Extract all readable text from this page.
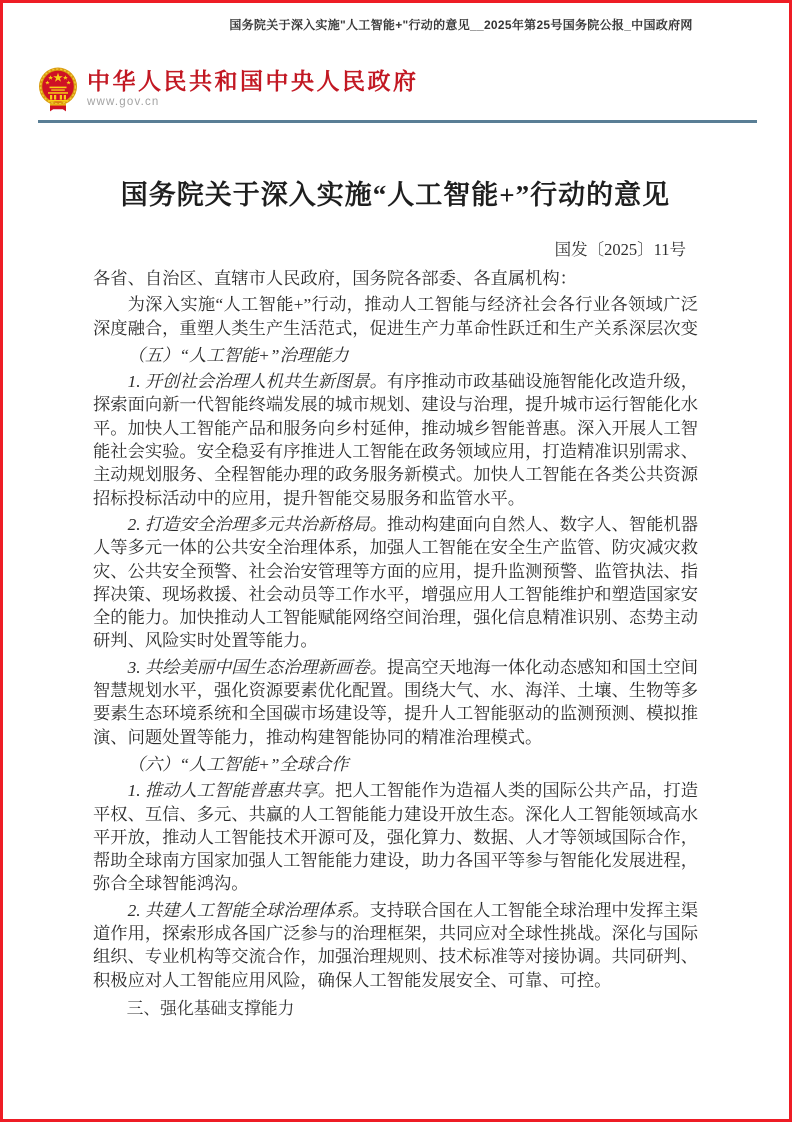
国务院关于深入实施"人工智能+"行动的意见__2025年第25号国务院公报_中国政府网
中华人民共和国中央人民政府
www.gov.cn
国务院关于深入实施“人工智能+”行动的意见
国发〔2025〕11号

各省、自治区、直辖市人民政府，国务院各部委、各直属机构：

为深入实施“人工智能+”行动，推动人工智能与经济社会各行业各领域广泛深度融合，重塑人类生产生活范式，促进生产力革命性跃迁和生产关系深层次变

（五）“人工智能+”治理能力

1. 开创社会治理人机共生新图景。有序推动市政基础设施智能化改造升级，探索面向新一代智能终端发展的城市规划、建设与治理，提升城市运行智能化水平。加快人工智能产品和服务向乡村延伸，推动城乡智能普惠。深入开展人工智能社会实验。安全稳妥有序推进人工智能在政务领域应用，打造精准识别需求、主动规划服务、全程智能办理的政务服务新模式。加快人工智能在各类公共资源招标投标活动中的应用，提升智能交易服务和监管水平。

2. 打造安全治理多元共治新格局。推动构建面向自然人、数字人、智能机器人等多元一体的公共安全治理体系，加强人工智能在安全生产监管、防灾减灾救灾、公共安全预警、社会治安管理等方面的应用，提升监测预警、监管执法、指挥决策、现场救援、社会动员等工作水平，增强应用人工智能维护和塑造国家安全的能力。加快推动人工智能赋能网络空间治理，强化信息精准识别、态势主动研判、风险实时处置等能力。

3. 共绘美丽中国生态治理新画卷。提高空天地海一体化动态感知和国土空间智慧规划水平，强化资源要素优化配置。围绕大气、水、海洋、土壤、生物等多要素生态环境系统和全国碳市场建设等，提升人工智能驱动的监测预测、模拟推演、问题处置等能力，推动构建智能协同的精准治理模式。

（六）“人工智能+”全球合作

1. 推动人工智能普惠共享。把人工智能作为造福人类的国际公共产品，打造平权、互信、多元、共赢的人工智能能力建设开放生态。深化人工智能领域高水平开放，推动人工智能技术开源可及，强化算力、数据、人才等领域国际合作，帮助全球南方国家加强人工智能能力建设，助力各国平等参与智能化发展进程，弥合全球智能鸿沟。

2. 共建人工智能全球治理体系。支持联合国在人工智能全球治理中发挥主渠道作用，探索形成各国广泛参与的治理框架，共同应对全球性挑战。深化与国际组织、专业机构等交流合作，加强治理规则、技术标准等对接协调。共同研判、积极应对人工智能应用风险，确保人工智能发展安全、可靠、可控。

三、强化基础支撑能力
